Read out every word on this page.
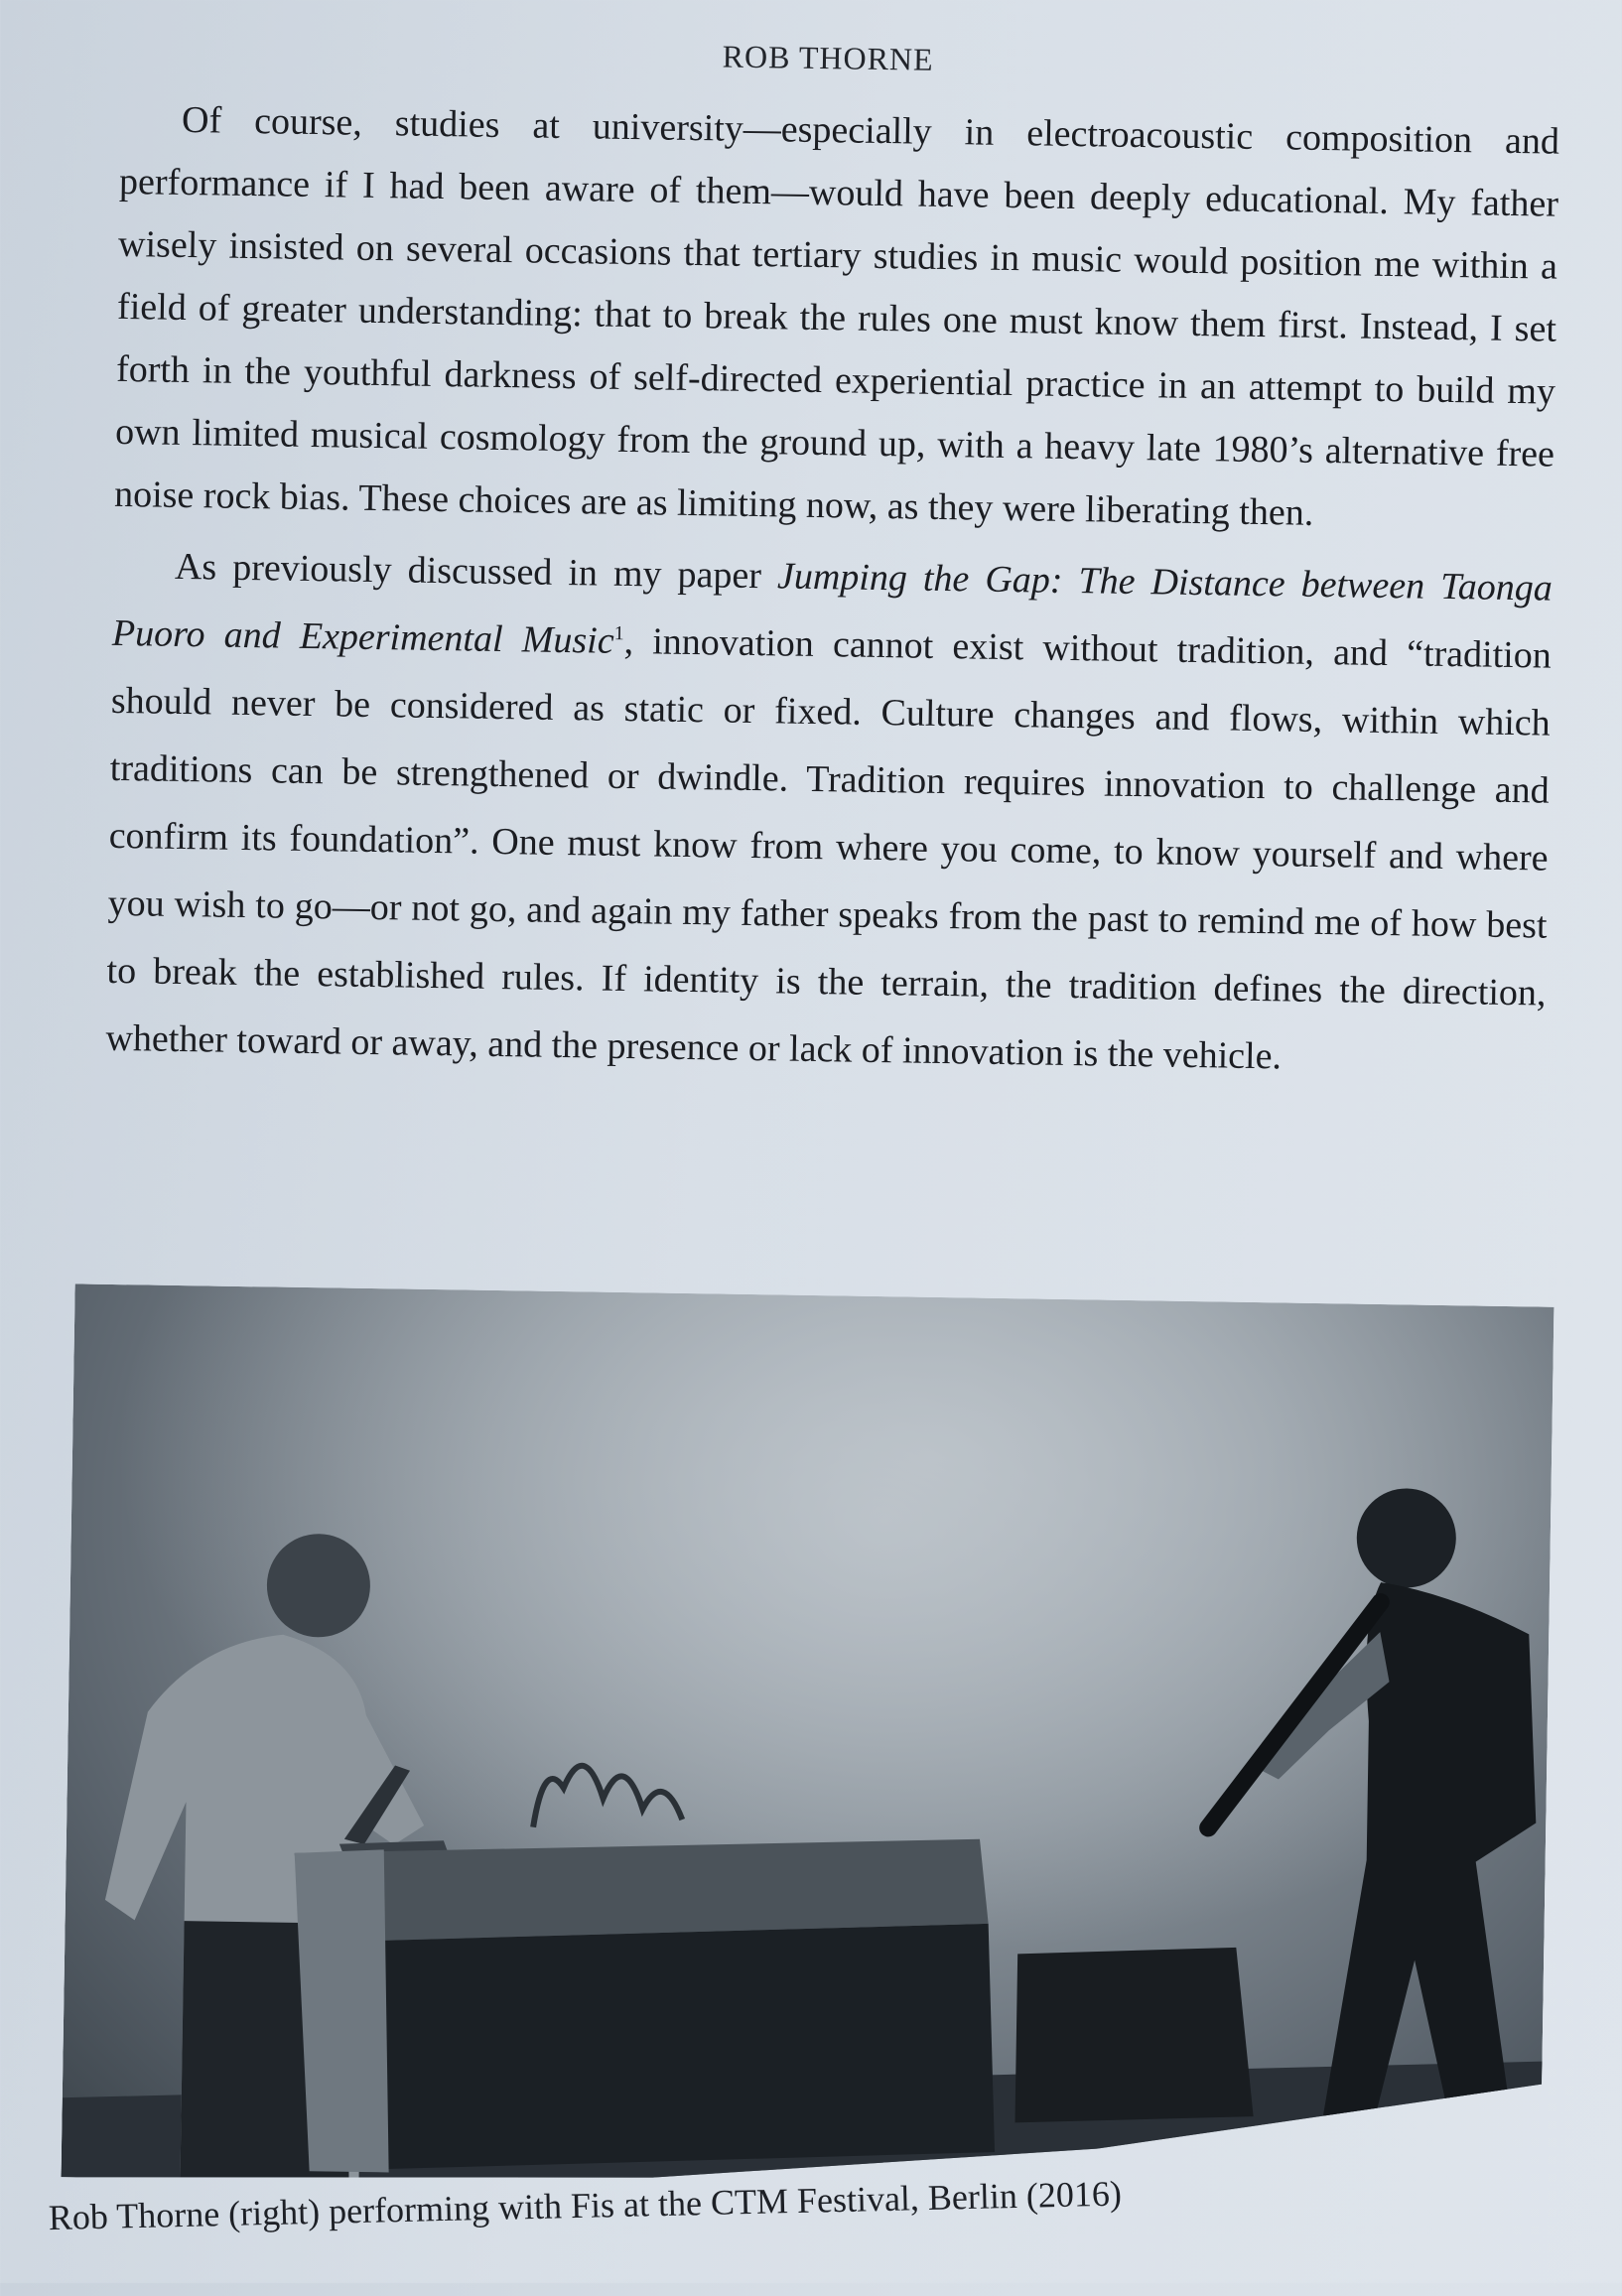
ROB THORNE

Of course, studies at university—especially in electroacoustic composition and performance if I had been aware of them—would have been deeply educational. My father wisely insisted on several occasions that tertiary studies in music would position me within a field of greater understanding: that to break the rules one must know them first. Instead, I set forth in the youthful darkness of self-directed experiential practice in an attempt to build my own limited musical cosmology from the ground up, with a heavy late 1980’s alternative free noise rock bias. These choices are as limiting now, as they were liberating then.

As previously discussed in my paper Jumping the Gap: The Distance between Taonga Puoro and Experimental Music$^1$, innovation cannot exist without tradition, and “tradition should never be considered as static or fixed. Culture changes and flows, within which traditions can be strengthened or dwindle. Tradition requires innovation to challenge and confirm its foundation”. One must know from where you come, to know yourself and where you wish to go—or not go, and again my father speaks from the past to remind me of how best to break the established rules. If identity is the terrain, the tradition defines the direction, whether toward or away, and the presence or lack of innovation is the vehicle.

Rob Thorne (right) performing with Fis at the CTM Festival, Berlin (2016)
